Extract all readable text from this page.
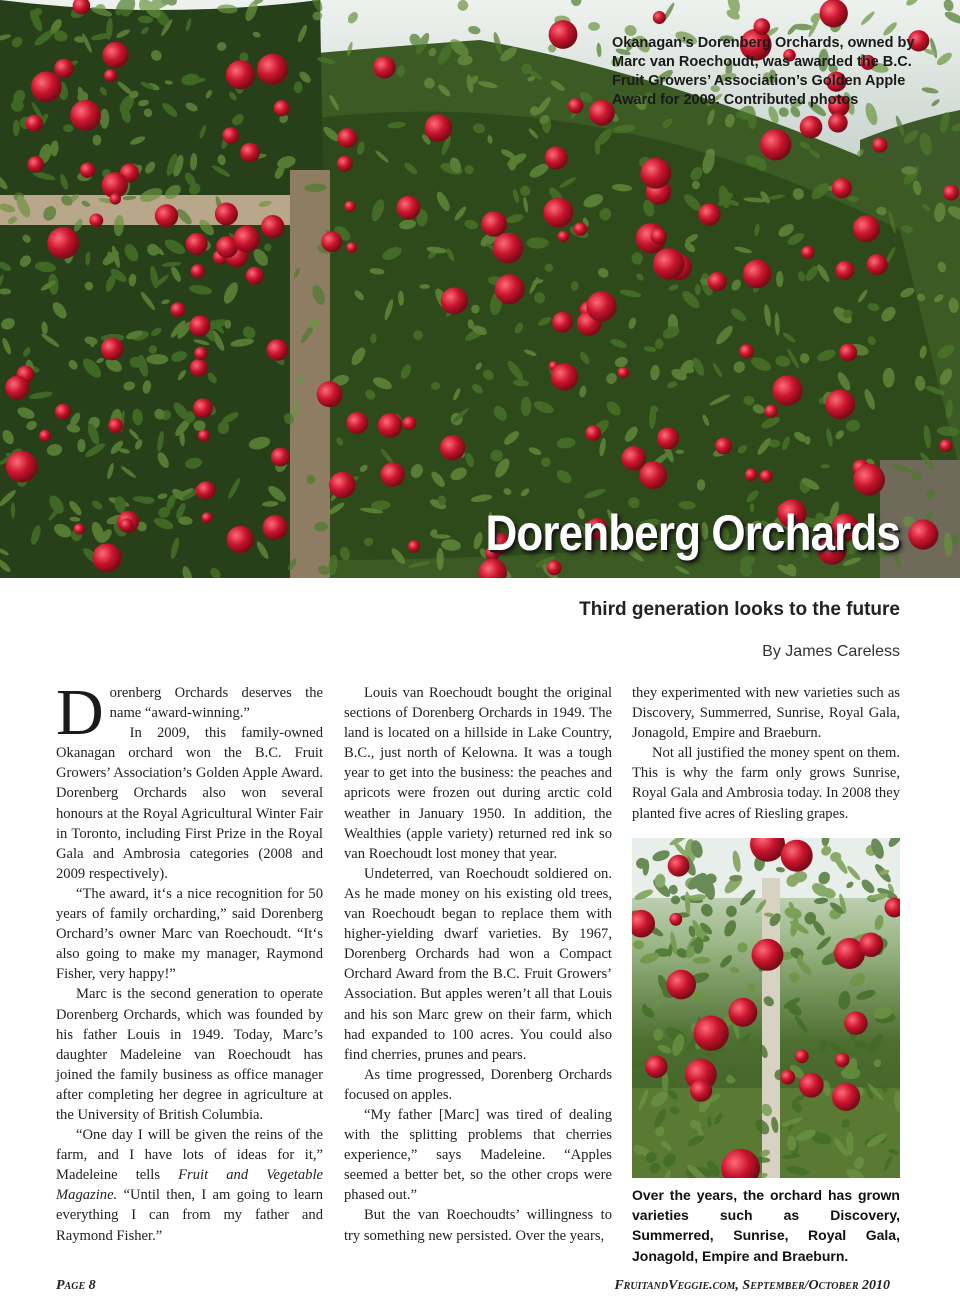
Okanagan’s Dorenberg Orchards, owned by Marc van Roechoudt, was awarded the B.C. Fruit Growers’ Association’s Golden Apple Award for 2009. Contributed photos

Dorenberg Orchards
Third generation looks to the future

By James Careless

Dorenberg Orchards deserves the name “award-winning.”

In 2009, this family-owned Okanagan orchard won the B.C. Fruit Growers’ Association’s Golden Apple Award. Dorenberg Orchards also won several honours at the Royal Agricultural Winter Fair in Toronto, including First Prize in the Royal Gala and Ambrosia categories (2008 and 2009 respectively).

“The award, it‘s a nice recognition for 50 years of family orcharding,” said Dorenberg Orchard’s owner Marc van Roechoudt. “It‘s also going to make my manager, Raymond Fisher, very happy!”

Marc is the second generation to operate Dorenberg Orchards, which was founded by his father Louis in 1949. Today, Marc’s daughter Madeleine van Roechoudt has joined the family business as office manager after completing her degree in agriculture at the University of British Columbia.

“One day I will be given the reins of the farm, and I have lots of ideas for it,” Madeleine tells Fruit and Vegetable Magazine. “Until then, I am going to learn everything I can from my father and Raymond Fisher.”

Louis van Roechoudt bought the original sections of Dorenberg Orchards in 1949. The land is located on a hillside in Lake Country, B.C., just north of Kelowna. It was a tough year to get into the business: the peaches and apricots were frozen out during arctic cold weather in January 1950. In addition, the Wealthies (apple variety) returned red ink so van Roechoudt lost money that year.

Undeterred, van Roechoudt soldiered on. As he made money on his existing old trees, van Roechoudt began to replace them with higher-yielding dwarf varieties. By 1967, Dorenberg Orchards had won a Compact Orchard Award from the B.C. Fruit Growers’ Association. But apples weren’t all that Louis and his son Marc grew on their farm, which had expanded to 100 acres. You could also find cherries, prunes and pears.

As time progressed, Dorenberg Orchards focused on apples.

“My father [Marc] was tired of dealing with the splitting problems that cherries experience,” says Madeleine. “Apples seemed a better bet, so the other crops were phased out.”

But the van Roechoudts’ willingness to try something new persisted. Over the years,

they experimented with new varieties such as Discovery, Summerred, Sunrise, Royal Gala, Jonagold, Empire and Braeburn.

Not all justified the money spent on them. This is why the farm only grows Sunrise, Royal Gala and Ambrosia today. In 2008 they planted five acres of Riesling grapes.

Over the years, the orchard has grown varieties such as Discovery, Summerred, Sunrise, Royal Gala, Jonagold, Empire and Braeburn.

Page 8	FruitandVeggie.com, September/October 2010
